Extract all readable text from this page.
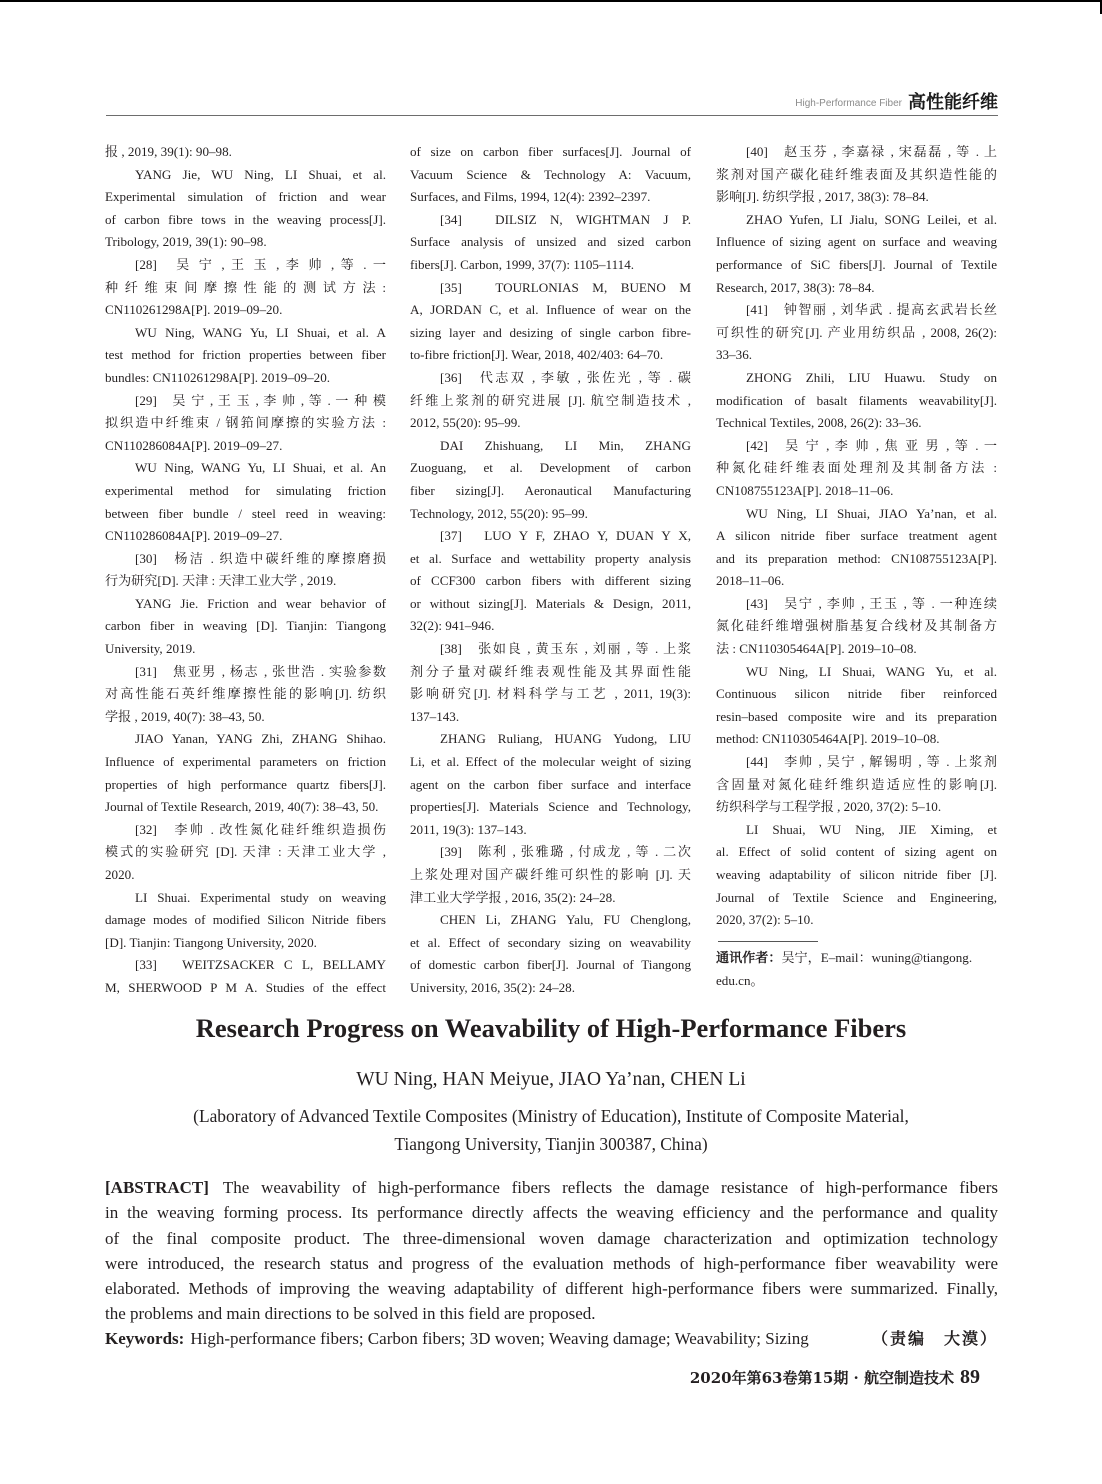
High-Performance Fiber 高性能纤维
报 , 2019, 39(1): 90–98.
YANG Jie, WU Ning, LI Shuai, et al.
Experimental simulation of friction and wear
of carbon fibre tows in the weaving process[J].
Tribology, 2019, 39(1): 90–98.
[28]　吴 宁 , 王 玉 , 李 帅 , 等 . 一
种 纤 维 束 间 摩 擦 性 能 的 测 试 方 法 :
CN110261298A[P]. 2019–09–20.
WU Ning, WANG Yu, LI Shuai, et al. A
test method for friction properties between fiber
bundles: CN110261298A[P]. 2019–09–20.
[29]　吴 宁 , 王 玉 , 李 帅 , 等 . 一 种 模
拟织造中纤维束 / 钢筘间摩擦的实验方法 :
CN110286084A[P]. 2019–09–27.
WU Ning, WANG Yu, LI Shuai, et al. An
experimental method for simulating friction
between fiber bundle / steel reed in weaving:
CN110286084A[P]. 2019–09–27.
[30]　杨洁 . 织造中碳纤维的摩擦磨损
行为研究[D]. 天津 : 天津工业大学 , 2019.
YANG Jie. Friction and wear behavior of
carbon fiber in weaving [D]. Tianjin: Tiangong
University, 2019.
[31]　焦亚男 , 杨志 , 张世浩 . 实验参数
对高性能石英纤维摩擦性能的影响[J]. 纺织
学报 , 2019, 40(7): 38–43, 50.
JIAO Yanan, YANG Zhi, ZHANG Shihao.
Influence of experimental parameters on friction
properties of high performance quartz fibers[J].
Journal of Textile Research, 2019, 40(7): 38–43, 50.
[32]　李帅 . 改性氮化硅纤维织造损伤
模式的实验研究 [D]. 天津 : 天津工业大学 ,
2020.
LI Shuai. Experimental study on weaving
damage modes of modified Silicon Nitride fibers
[D]. Tianjin: Tiangong University, 2020.
[33]　WEITZSACKER C L, BELLAMY
M, SHERWOOD P M A. Studies of the effect
of size on carbon fiber surfaces[J]. Journal of
Vacuum Science & Technology A: Vacuum,
Surfaces, and Films, 1994, 12(4): 2392–2397.
[34]　DILSIZ N, WIGHTMAN J P.
Surface analysis of unsized and sized carbon
fibers[J]. Carbon, 1999, 37(7): 1105–1114.
[35]　TOURLONIAS M, BUENO M
A, JORDAN C, et al. Influence of wear on the
sizing layer and desizing of single carbon fibre-
to-fibre friction[J]. Wear, 2018, 402/403: 64–70.
[36]　代志双 , 李敏 , 张佐光 , 等 . 碳
纤维上浆剂的研究进展 [J]. 航空制造技术 ,
2012, 55(20): 95–99.
DAI Zhishuang, LI Min, ZHANG
Zuoguang, et al. Development of carbon
fiber sizing[J]. Aeronautical Manufacturing
Technology, 2012, 55(20): 95–99.
[37]　LUO Y F, ZHAO Y, DUAN Y X,
et al. Surface and wettability property analysis
of CCF300 carbon fibers with different sizing
or without sizing[J]. Materials & Design, 2011,
32(2): 941–946.
[38]　张如良 , 黄玉东 , 刘丽 , 等 . 上浆
剂分子量对碳纤维表观性能及其界面性能
影响研究[J]. 材料科学与工艺 , 2011, 19(3):
137–143.
ZHANG Ruliang, HUANG Yudong, LIU
Li, et al. Effect of the molecular weight of sizing
agent on the carbon fiber surface and interface
properties[J]. Materials Science and Technology,
2011, 19(3): 137–143.
[39]　陈利 , 张雅璐 , 付成龙 , 等 . 二次
上浆处理对国产碳纤维可织性的影响 [J]. 天
津工业大学学报 , 2016, 35(2): 24–28.
CHEN Li, ZHANG Yalu, FU Chenglong,
et al. Effect of secondary sizing on weavability
of domestic carbon fiber[J]. Journal of Tiangong
University, 2016, 35(2): 24–28.
[40]　赵玉芬 , 李嘉禄 , 宋磊磊 , 等 . 上
浆剂对国产碳化硅纤维表面及其织造性能的
影响[J]. 纺织学报 , 2017, 38(3): 78–84.
ZHAO Yufen, LI Jialu, SONG Leilei, et al.
Influence of sizing agent on surface and weaving
performance of SiC fibers[J]. Journal of Textile
Research, 2017, 38(3): 78–84.
[41]　钟智丽 , 刘华武 . 提高玄武岩长丝
可织性的研究[J]. 产业用纺织品 , 2008, 26(2):
33–36.
ZHONG Zhili, LIU Huawu. Study on
modification of basalt filaments weavability[J].
Technical Textiles, 2008, 26(2): 33–36.
[42]　吴 宁 , 李 帅 , 焦 亚 男 , 等 . 一
种氮化硅纤维表面处理剂及其制备方法 :
CN108755123A[P]. 2018–11–06.
WU Ning, LI Shuai, JIAO Ya’nan, et al.
A silicon nitride fiber surface treatment agent
and its preparation method: CN108755123A[P].
2018–11–06.
[43]　吴宁 , 李帅 , 王玉 , 等 . 一种连续
氮化硅纤维增强树脂基复合线材及其制备方
法 : CN110305464A[P]. 2019–10–08.
WU Ning, LI Shuai, WANG Yu, et al.
Continuous silicon nitride fiber reinforced
resin–based composite wire and its preparation
method: CN110305464A[P]. 2019–10–08.
[44]　李帅 , 吴宁 , 解锡明 , 等 . 上浆剂
含固量对氮化硅纤维织造适应性的影响[J].
纺织科学与工程学报 , 2020, 37(2): 5–10.
LI Shuai, WU Ning, JIE Ximing, et
al. Effect of solid content of sizing agent on
weaving adaptability of silicon nitride fiber [J].
Journal of Textile Science and Engineering,
2020, 37(2): 5–10.
通讯作者：吴宁，E–mail：wuning@tiangong.
edu.cn。
Research Progress on Weavability of High-Performance Fibers
WU Ning, HAN Meiyue, JIAO Ya’nan, CHEN Li
(Laboratory of Advanced Textile Composites (Ministry of Education), Institute of Composite Material,
Tiangong University, Tianjin 300387, China)
[ABSTRACT] The weavability of high-performance fibers reflects the damage resistance of high-performance fibers
in the weaving forming process. Its performance directly affects the weaving efficiency and the performance and quality
of the final composite product. The three-dimensional woven damage characterization and optimization technology
were introduced, the research status and progress of the evaluation methods of high-performance fiber weavability were
elaborated. Methods of improving the weaving adaptability of different high-performance fibers were summarized. Finally,
the problems and main directions to be solved in this field are proposed.
Keywords: High-performance fibers; Carbon fibers; 3D woven; Weaving damage; Weavability; Sizing	（责编　大漠）
2020年第63卷第15期 · 航空制造技术 89
